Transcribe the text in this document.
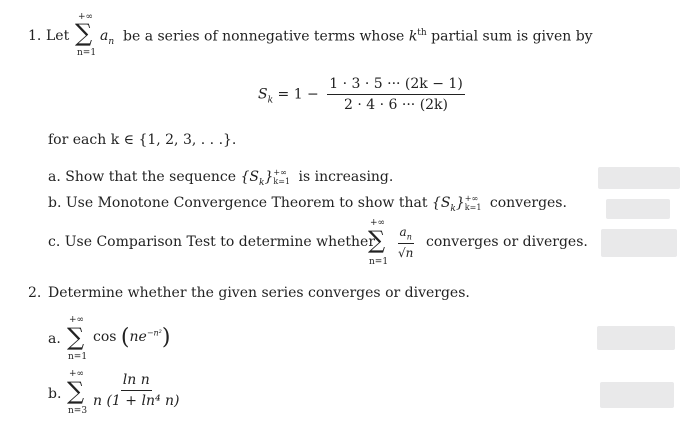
1. Let
+∞
∑
n=1
$a_n$ be a series of nonnegative terms whose $k^{th}$ partial sum is given by
$S_k = 1 - \frac{1 \cdot 3 \cdot 5 \cdot\cdot\cdot (2k - 1)}{2 \cdot 4 \cdot 6 \cdot\cdot\cdot (2k)}$
for each k ∈ {1, 2, 3, . . .}.
a. Show that the sequence $\{S_k\}$ +∞
k=1 is increasing.
b. Use Monotone Convergence Theorem to show that $\{S_k\}$ +∞
k=1 converges.
c. Use Comparison Test to determine whether
+∞
∑
n=1
$\frac{a_n}{√n}$ converges or diverges.
2. Determine whether the given series converges or diverges.
a.
+∞
∑
n=1
$\cos (ne^{-n^2})$
b.
+∞
∑
n=3
$\frac{\text{ln n}}{\text{n (1 + ln⁴ n)}}$
